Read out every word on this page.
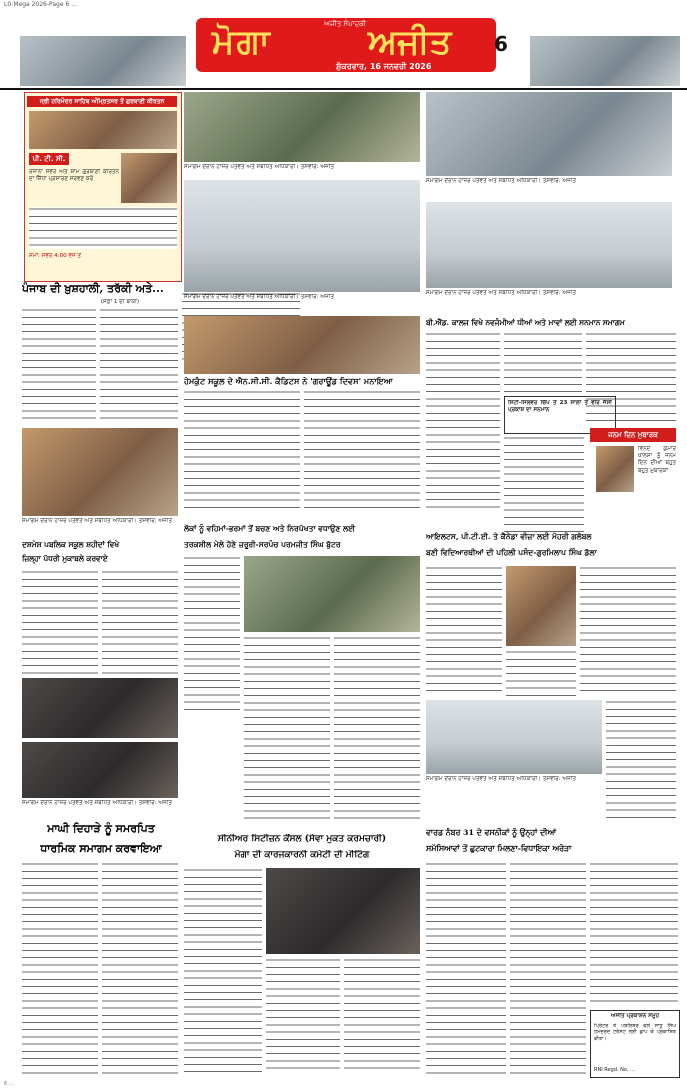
L0-Mega 2026-Page 6 ...
ਮੋਗਾ	ਅਜੀਤ ਸੰਪਾਦਕੀ ਅਜੀਤ
ਸ਼ੁੱਕਰਵਾਰ, 16 ਜਨਵਰੀ 2026
6
ਸ੍ਰੀ ਹਰਿਮੰਦਰ ਸਾਹਿਬ ਅੰਮ੍ਰਿਤਸਰ ਤੋਂ ਗੁਰਬਾਣੀ ਕੀਰਤਨ
ਪੀ. ਟੀ. ਸੀ.
ਰੋਜ਼ਾਨਾ ਸਵੇਰੇ ਅਤੇ ਸ਼ਾਮ ਗੁਰਬਾਣੀ ਕੀਰਤਨ ਦਾ ਸਿੱਧਾ ਪ੍ਰਸਾਰਣ ਸਰਵਣ ਕਰੋ
ਸਮਾਂ: ਸਵੇਰੇ 4:00 ਵਜੇ ਤੋਂ
ਪੰਜਾਬ ਦੀ ਖ਼ੁਸ਼ਹਾਲੀ, ਤਰੱਕੀ ਅਤੇ...
(ਸਫ਼ਾ 1 ਦੀ ਬਾਕੀ)
ਸਮਾਗਮ ਦੌਰਾਨ ਹਾਜ਼ਰ ਪਤਵੰਤੇ ਅਤੇ ਸਬੰਧਿਤ ਅਧਿਕਾਰੀ। ਤਸਵੀਰ: ਅਜੀਤ
ਸਮਾਗਮ ਦੌਰਾਨ ਹਾਜ਼ਰ ਪਤਵੰਤੇ ਅਤੇ ਸਬੰਧਿਤ ਅਧਿਕਾਰੀ। ਤਸਵੀਰ: ਅਜੀਤ
ਹੇਮਕੁੰਟ ਸਕੂਲ ਦੇ ਐਨ.ਸੀ.ਸੀ. ਕੈਡਿਟਸ ਨੇ 'ਗਰਾਊਂਡ ਦਿਵਸ' ਮਨਾਇਆ
ਸਮਾਗਮ ਦੌਰਾਨ ਹਾਜ਼ਰ ਪਤਵੰਤੇ ਅਤੇ ਸਬੰਧਿਤ ਅਧਿਕਾਰੀ। ਤਸਵੀਰ: ਅਜੀਤ
ਸਮਾਗਮ ਦੌਰਾਨ ਹਾਜ਼ਰ ਪਤਵੰਤੇ ਅਤੇ ਸਬੰਧਿਤ ਅਧਿਕਾਰੀ। ਤਸਵੀਰ: ਅਜੀਤ
ਬੀ.ਐੱਡ. ਕਾਲਜ ਵਿਖੇ ਨਵਜੰਮੀਆਂ ਧੀਆਂ ਅਤੇ ਮਾਵਾਂ ਲਈ ਸਨਮਾਨ ਸਮਾਗਮ
ਸਿਟੀ-ਸਿਲਵਰ ਚਿੱਪ ਤੋਂ 23 ਸਾਲਾਂ ਤੋਂ ਵੀਰ ਜੱਸੀ ਪ੍ਰਕਾਸ਼ ਦਾ ਸਨਮਾਨ
ਜਨਮ ਦਿਨ ਮੁਬਾਰਕ
ਵਿਨੋਦ ਕੁਮਾਰ ਖ਼ਾਲਸਾ ਨੂੰ ਜਨਮ ਦਿਨ ਦੀਆਂ ਬਹੁਤ ਬਹੁਤ ਮੁਬਾਰਕਾਂ
ਸਮਾਗਮ ਦੌਰਾਨ ਹਾਜ਼ਰ ਪਤਵੰਤੇ ਅਤੇ ਸਬੰਧਿਤ ਅਧਿਕਾਰੀ। ਤਸਵੀਰ: ਅਜੀਤ
ਦਸ਼ਮੇਸ਼ ਪਬਲਿਕ ਸਕੂਲ ਸ਼ਹੀਦਾਂ ਵਿਖੇ
ਜ਼ਿਲ੍ਹਾ ਪੱਧਰੀ ਮੁਕਾਬਲੇ ਕਰਵਾਏ
ਲੋਕਾਂ ਨੂੰ ਵਹਿਮਾਂ-ਭਰਮਾਂ ਤੋਂ ਬਚਣ ਅਤੇ ਨਿਰਪੱਖਤਾ ਵਧਾਉਣ ਲਈ
ਤਰਕਸ਼ੀਲ ਮੇਲੇ ਹੋਣੇ ਜ਼ਰੂਰੀ-ਸਰਪੰਚ ਪਰਮਜੀਤ ਸਿੰਘ ਬੁੱਟਰ
ਆਇਲਟਸ, ਪੀ.ਟੀ.ਈ. ਤੇ ਕੈਨੇਡਾ ਵੀਜ਼ਾ ਲਈ ਮੋਹਰੀ ਗਲੋਬਲ
ਬਣੀ ਵਿਦਿਆਰਥੀਆਂ ਦੀ ਪਹਿਲੀ ਪਸੰਦ-ਗੁਰਮਿਲਾਪ ਸਿੰਘ ਡੱਲਾ
ਸਮਾਗਮ ਦੌਰਾਨ ਹਾਜ਼ਰ ਪਤਵੰਤੇ ਅਤੇ ਸਬੰਧਿਤ ਅਧਿਕਾਰੀ। ਤਸਵੀਰ: ਅਜੀਤ
ਸਮਾਗਮ ਦੌਰਾਨ ਹਾਜ਼ਰ ਪਤਵੰਤੇ ਅਤੇ ਸਬੰਧਿਤ ਅਧਿਕਾਰੀ। ਤਸਵੀਰ: ਅਜੀਤ
ਮਾਘੀ ਦਿਹਾੜੇ ਨੂੰ ਸਮਰਪਿਤ
ਧਾਰਮਿਕ ਸਮਾਗਮ ਕਰਵਾਇਆ
ਸੀਨੀਅਰ ਸਿਟੀਜ਼ਨ ਕੌਂਸਲ (ਸੇਵਾ ਮੁਕਤ ਕਰਮਚਾਰੀ)
ਮੋਗਾ ਦੀ ਕਾਰਜਕਾਰਨੀ ਕਮੇਟੀ ਦੀ ਮੀਟਿੰਗ
ਵਾਰਡ ਨੰਬਰ 31 ਦੇ ਵਸਨੀਕਾਂ ਨੂੰ ਉਨ੍ਹਾਂ ਦੀਆਂ
ਸਮੱਸਿਆਵਾਂ ਤੋਂ ਛੁਟਕਾਰਾ ਮਿਲਣਾ-ਵਿਧਾਇਕਾ ਅਰੋੜਾ
ਅਜੀਤ ਪ੍ਰਕਾਸ਼ਨ ਸਮੂਹ
ਪ੍ਰਿੰਟਰ ਤੇ ਪਬਲਿਸ਼ਰ ਵਲੋਂ ਸਾਧੂ ਸਿੰਘ ਹਮਦਰਦ ਟਰੱਸਟ ਲਈ ਛਾਪ ਕੇ ਪ੍ਰਕਾਸ਼ਿਤ ਕੀਤਾ।
RNI Regd. No. ...
6 ...
